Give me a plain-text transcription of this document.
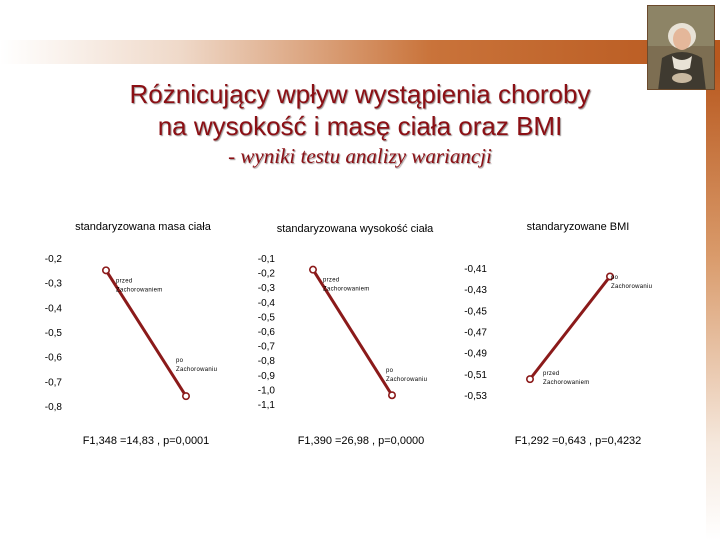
Różnicujący wpływ wystąpienia choroby
na wysokość i masę ciała oraz BMI
- wyniki testu analizy wariancji
standaryzowana masa ciała
-0,2
-0,3
-0,4
-0,5
-0,6
-0,7
-0,8
przed
Zachorowaniem
po
Zachorowaniu
F1,348 =14,83 , p=0,0001
standaryzowana wysokość ciała
-0,1
-0,2
-0,3
-0,4
-0,5
-0,6
-0,7
-0,8
-0,9
-1,0
-1,1
przed
Zachorowaniem
po
Zachorowaniu
F1,390 =26,98 , p=0,0000
standaryzowane BMI
-0,41
-0,43
-0,45
-0,47
-0,49
-0,51
-0,53
przed
Zachorowaniem
po
Zachorowaniu
F1,292 =0,643 , p=0,4232
